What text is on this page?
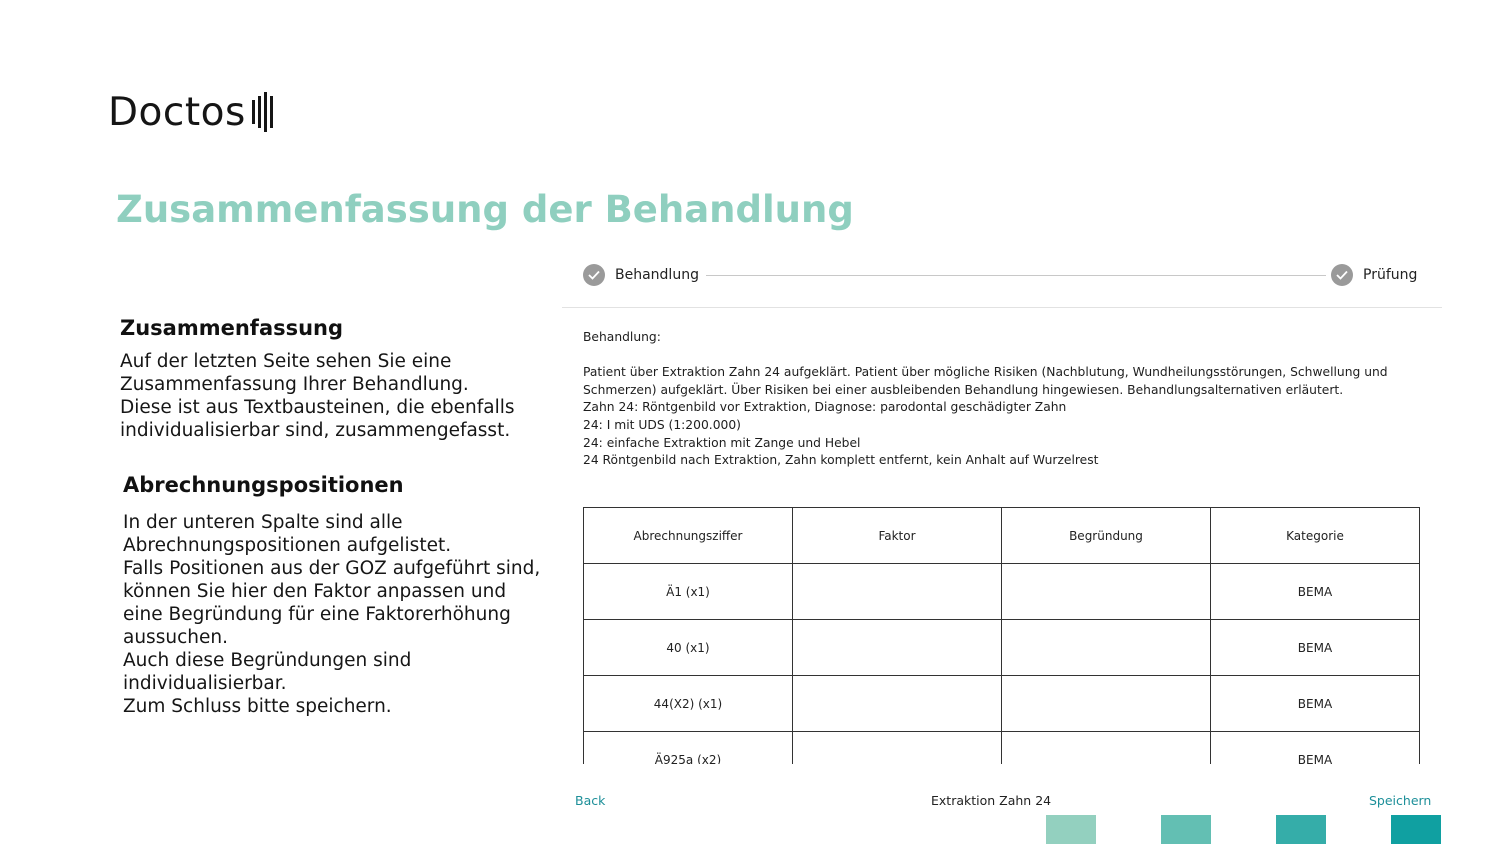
Doctos
Zusammenfassung der Behandlung
Zusammenfassung

Auf der letzten Seite sehen Sie eine

Zusammenfassung Ihrer Behandlung.

Diese ist aus Textbausteinen, die ebenfalls

individualisierbar sind, zusammengefasst.

Abrechnungspositionen

In der unteren Spalte sind alle

Abrechnungspositionen aufgelistet.

Falls Positionen aus der GOZ aufgeführt sind,

können Sie hier den Faktor anpassen und

eine Begründung für eine Faktorerhöhung

aussuchen.

Auch diese Begründungen sind

individualisierbar.

Zum Schluss bitte speichern.

Behandlung	Prüfung

Behandlung:

Patient über Extraktion Zahn 24 aufgeklärt. Patient über mögliche Risiken (Nachblutung, Wundheilungsstörungen, Schwellung und

Schmerzen) aufgeklärt. Über Risiken bei einer ausbleibenden Behandlung hingewiesen. Behandlungsalternativen erläutert.

Zahn 24: Röntgenbild vor Extraktion, Diagnose: parodontal geschädigter Zahn

24: I mit UDS (1:200.000)

24: einfache Extraktion mit Zange und Hebel

24 Röntgenbild nach Extraktion, Zahn komplett entfernt, kein Anhalt auf Wurzelrest

Abrechnungsziffer	Faktor	Begründung	Kategorie
Ä1 (x1)			BEMA
40 (x1)			BEMA
44(X2) (x1)			BEMA
Ä925a (x2)			BEMA
Back	Extraktion Zahn 24	Speichern
